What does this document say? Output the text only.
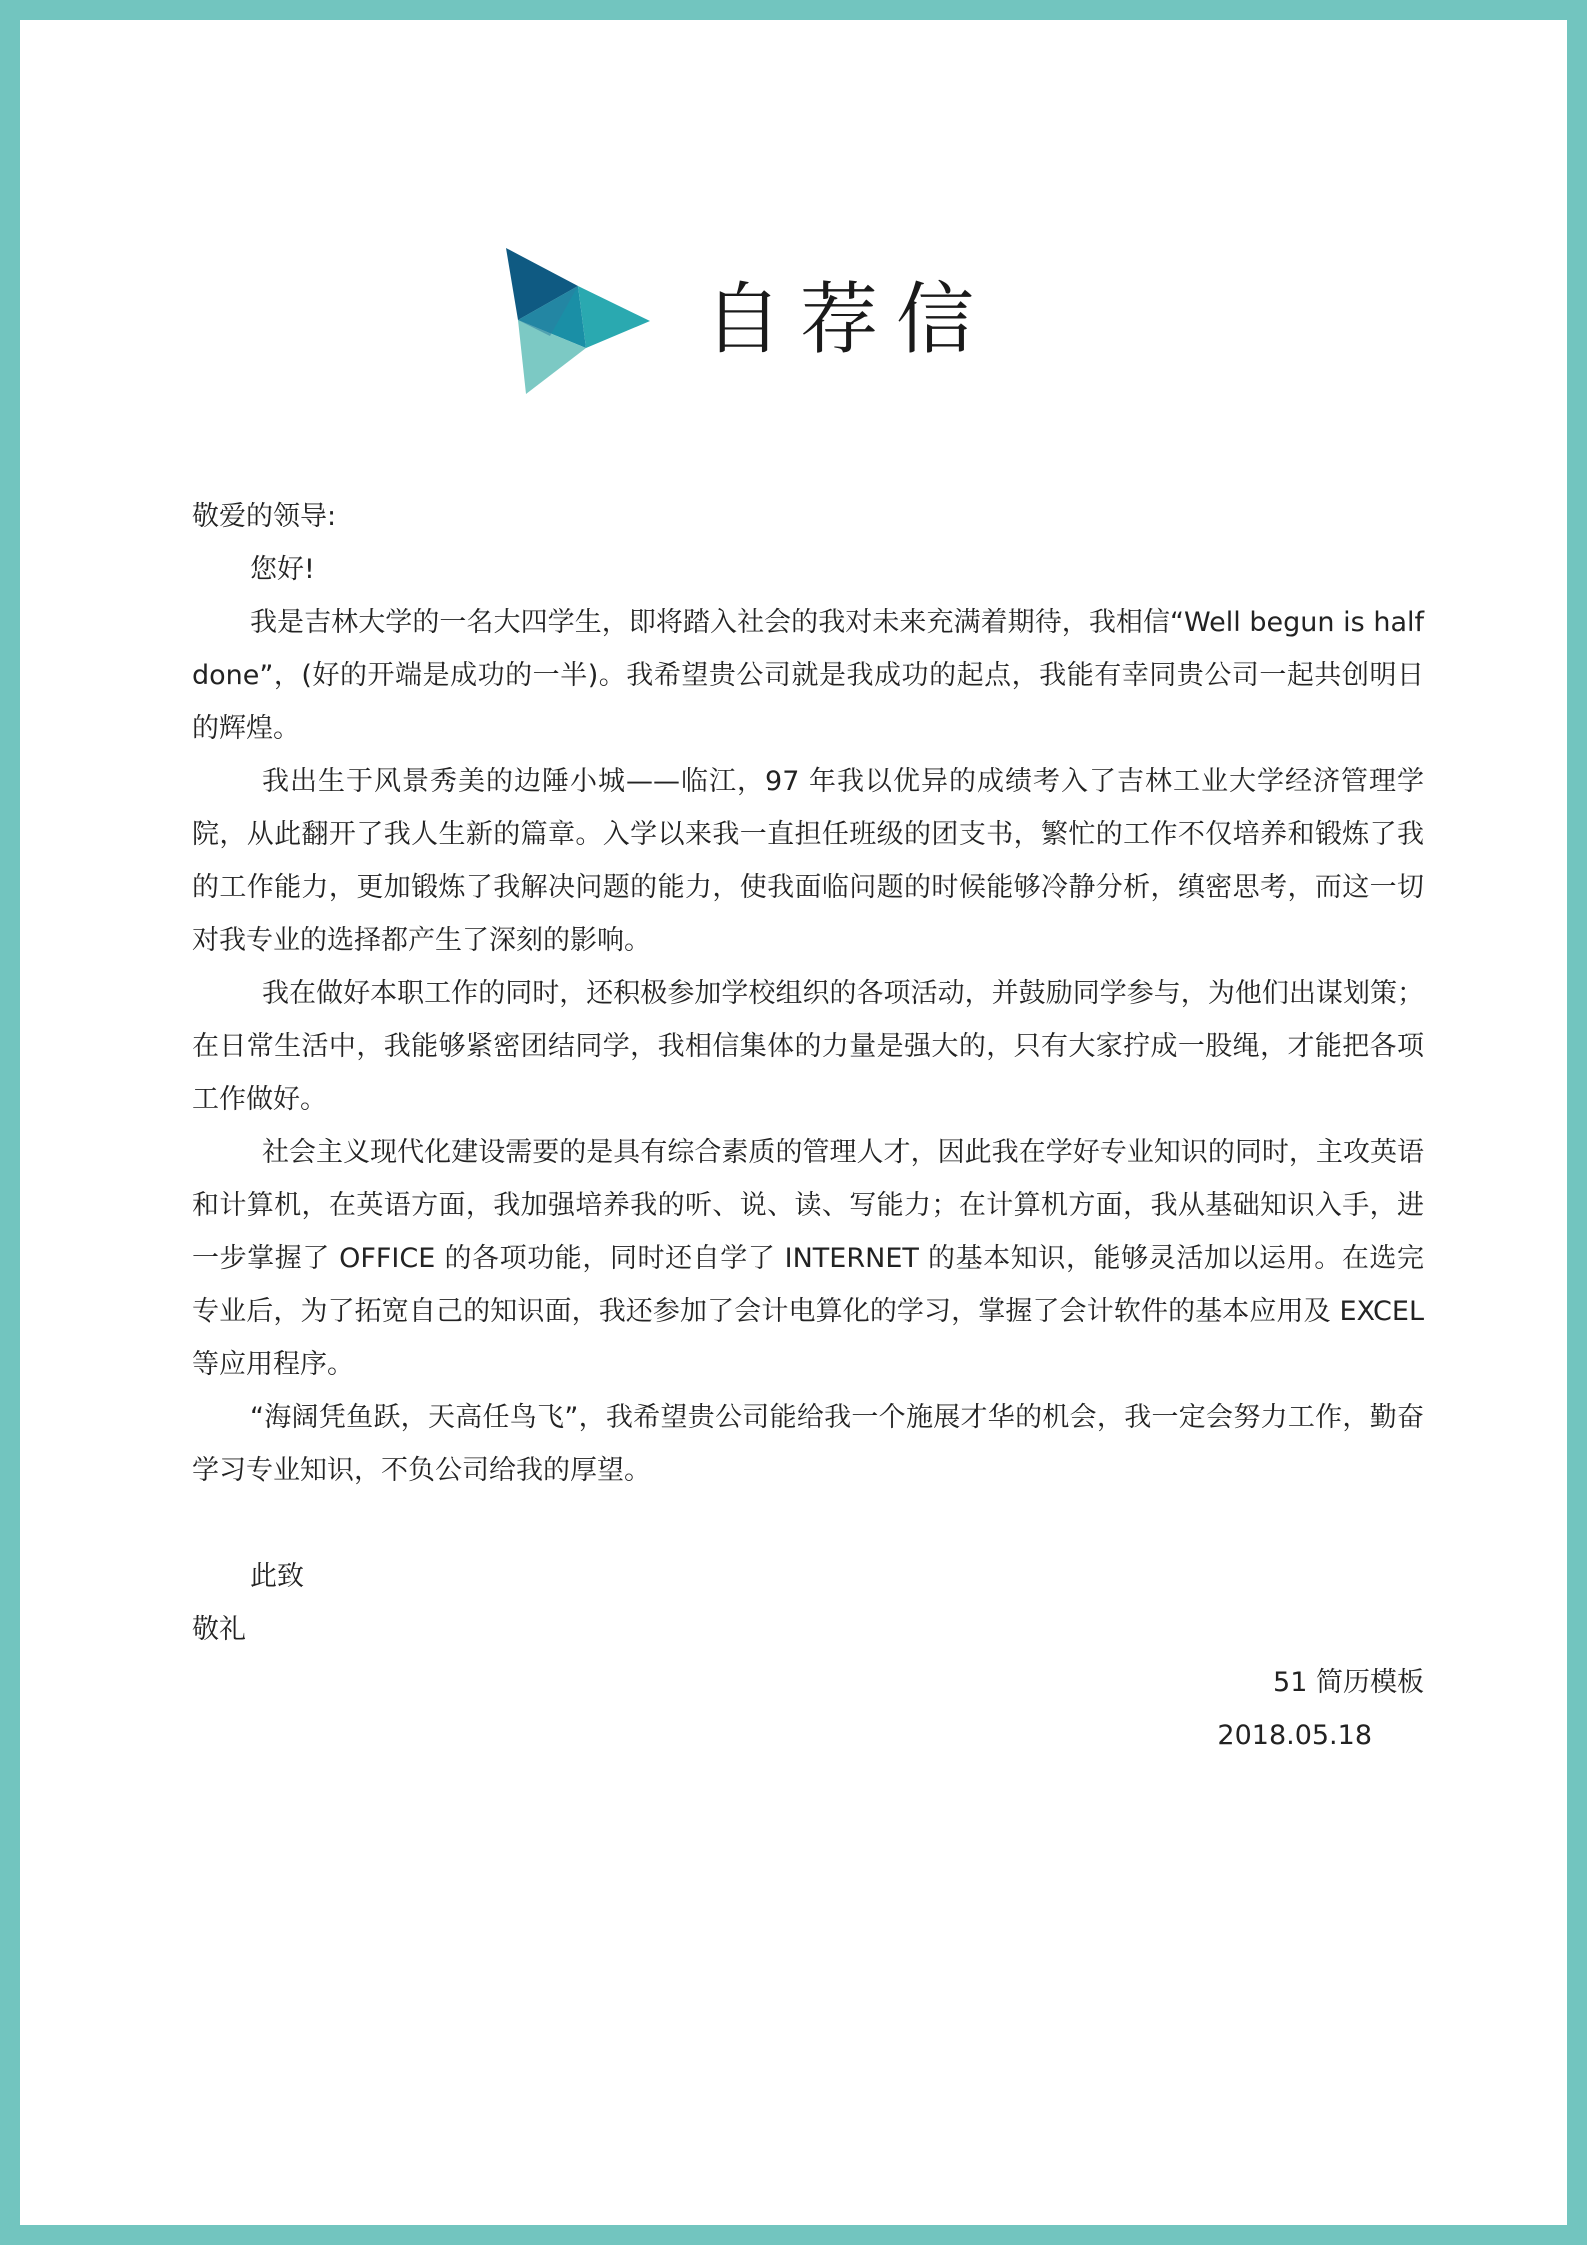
自荐信
敬爱的领导:
您好!

我是吉林大学的一名大四学生，即将踏入社会的我对未来充满着期待，我相信“Well begun is half done”，(好的开端是成功的一半)。我希望贵公司就是我成功的起点，我能有幸同贵公司一起共创明日的辉煌。

我出生于风景秀美的边陲小城——临江，97 年我以优异的成绩考入了吉林工业大学经济管理学院，从此翻开了我人生新的篇章。入学以来我一直担任班级的团支书，繁忙的工作不仅培养和锻炼了我的工作能力，更加锻炼了我解决问题的能力，使我面临问题的时候能够冷静分析，缜密思考，而这一切对我专业的选择都产生了深刻的影响。

我在做好本职工作的同时，还积极参加学校组织的各项活动，并鼓励同学参与，为他们出谋划策；在日常生活中，我能够紧密团结同学，我相信集体的力量是强大的，只有大家拧成一股绳，才能把各项工作做好。

社会主义现代化建设需要的是具有综合素质的管理人才，因此我在学好专业知识的同时，主攻英语和计算机，在英语方面，我加强培养我的听、说、读、写能力；在计算机方面，我从基础知识入手，进一步掌握了 OFFICE 的各项功能，同时还自学了 INTERNET 的基本知识，能够灵活加以运用。在选完专业后，为了拓宽自己的知识面，我还参加了会计电算化的学习，掌握了会计软件的基本应用及 EXCEL 等应用程序。

“海阔凭鱼跃，天高任鸟飞”，我希望贵公司能给我一个施展才华的机会，我一定会努力工作，勤奋学习专业知识，不负公司给我的厚望。

此致
敬礼
51 简历模板
2018.05.18
